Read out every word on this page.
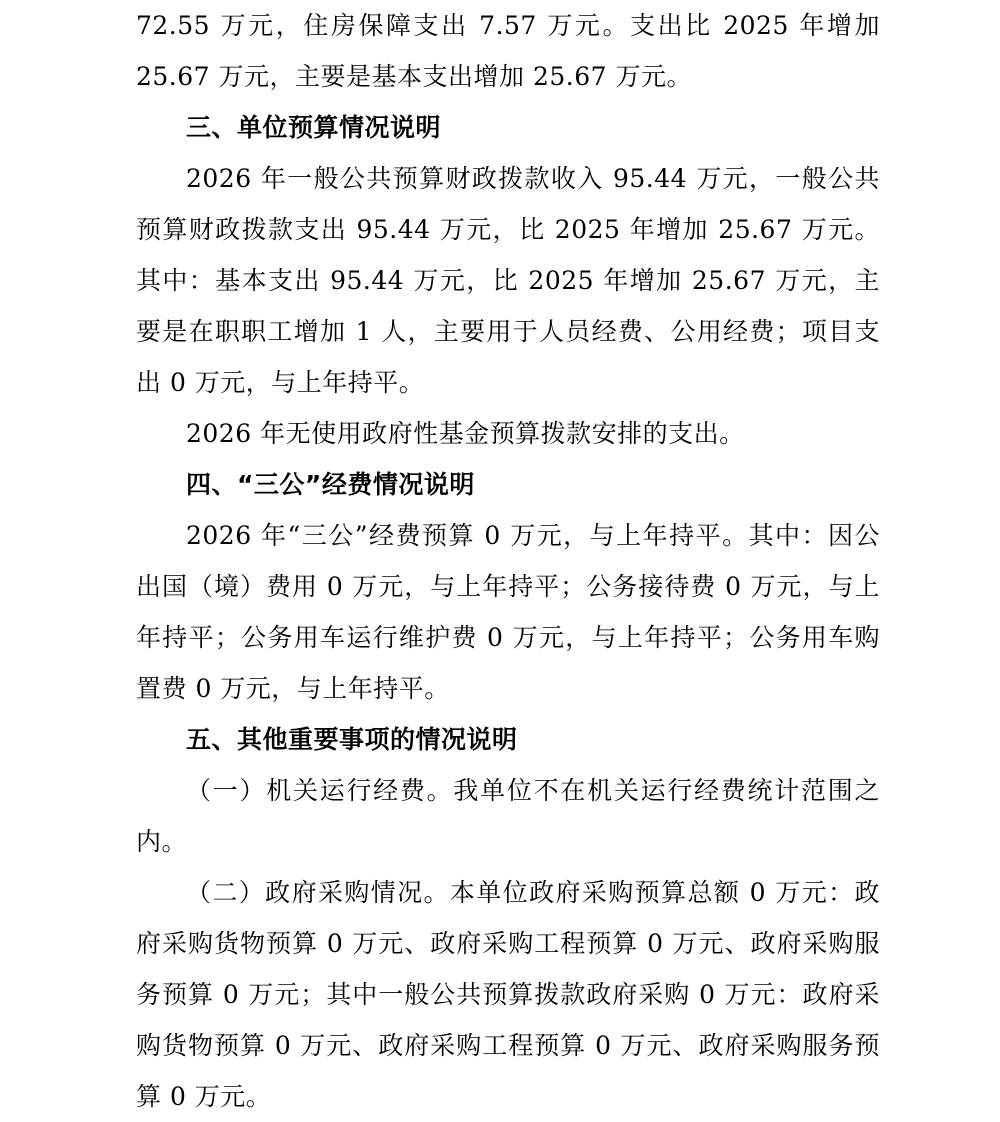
72.55 万元，住房保障支出 7.57 万元。支出比 2025 年增加 25.67 万元，主要是基本支出增加 25.67 万元。

三、单位预算情况说明

2026 年一般公共预算财政拨款收入 95.44 万元，一般公共预算财政拨款支出 95.44 万元，比 2025 年增加 25.67 万元。其中：基本支出 95.44 万元，比 2025 年增加 25.67 万元，主要是在职职工增加 1 人，主要用于人员经费、公用经费；项目支出 0 万元，与上年持平。

2026 年无使用政府性基金预算拨款安排的支出。

四、“三公”经费情况说明

2026 年“三公”经费预算 0 万元，与上年持平。其中：因公出国（境）费用 0 万元，与上年持平；公务接待费 0 万元，与上年持平；公务用车运行维护费 0 万元，与上年持平；公务用车购置费 0 万元，与上年持平。

五、其他重要事项的情况说明

（一）机关运行经费。我单位不在机关运行经费统计范围之内。

（二）政府采购情况。本单位政府采购预算总额 0 万元：政府采购货物预算 0 万元、政府采购工程预算 0 万元、政府采购服务预算 0 万元；其中一般公共预算拨款政府采购 0 万元：政府采购货物预算 0 万元、政府采购工程预算 0 万元、政府采购服务预算 0 万元。
